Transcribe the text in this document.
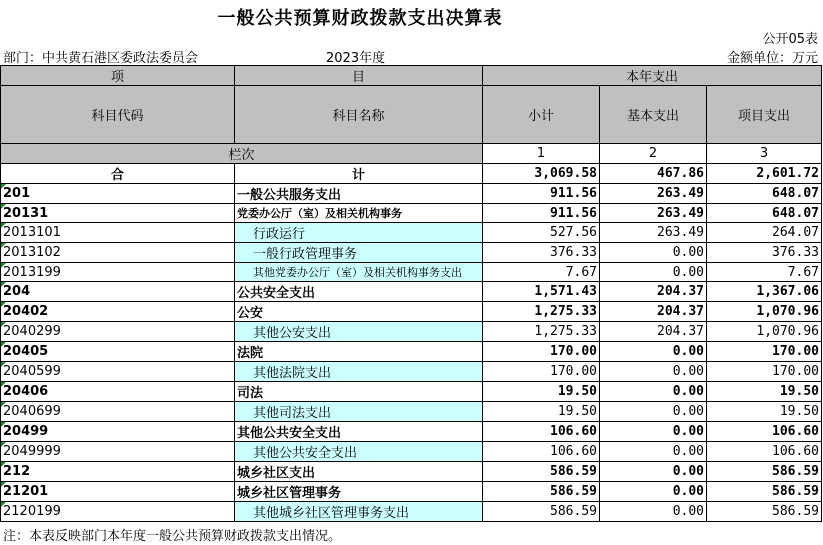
一般公共预算财政拨款支出决算表
公开05表
部门：中共黄石港区委政法委员会	2023年度	金额单位：万元
项	目	本年支出		
科目代码	科目名称	小计	基本支出	项目支出
栏次		1	2	3
合	计	3,069.58	467.86	2,601.72
201	一般公共服务支出	911.56	263.49	648.07
20131	党委办公厅（室）及相关机构事务	911.56	263.49	648.07
2013101	行政运行	527.56	263.49	264.07
2013102	一般行政管理事务	376.33	0.00	376.33
2013199	其他党委办公厅（室）及相关机构事务支出	7.67	0.00	7.67
204	公共安全支出	1,571.43	204.37	1,367.06
20402	公安	1,275.33	204.37	1,070.96
2040299	其他公安支出	1,275.33	204.37	1,070.96
20405	法院	170.00	0.00	170.00
2040599	其他法院支出	170.00	0.00	170.00
20406	司法	19.50	0.00	19.50
2040699	其他司法支出	19.50	0.00	19.50
20499	其他公共安全支出	106.60	0.00	106.60
2049999	其他公共安全支出	106.60	0.00	106.60
212	城乡社区支出	586.59	0.00	586.59
21201	城乡社区管理事务	586.59	0.00	586.59
2120199	其他城乡社区管理事务支出	586.59	0.00	586.59
注：本表反映部门本年度一般公共预算财政拨款支出情况。
